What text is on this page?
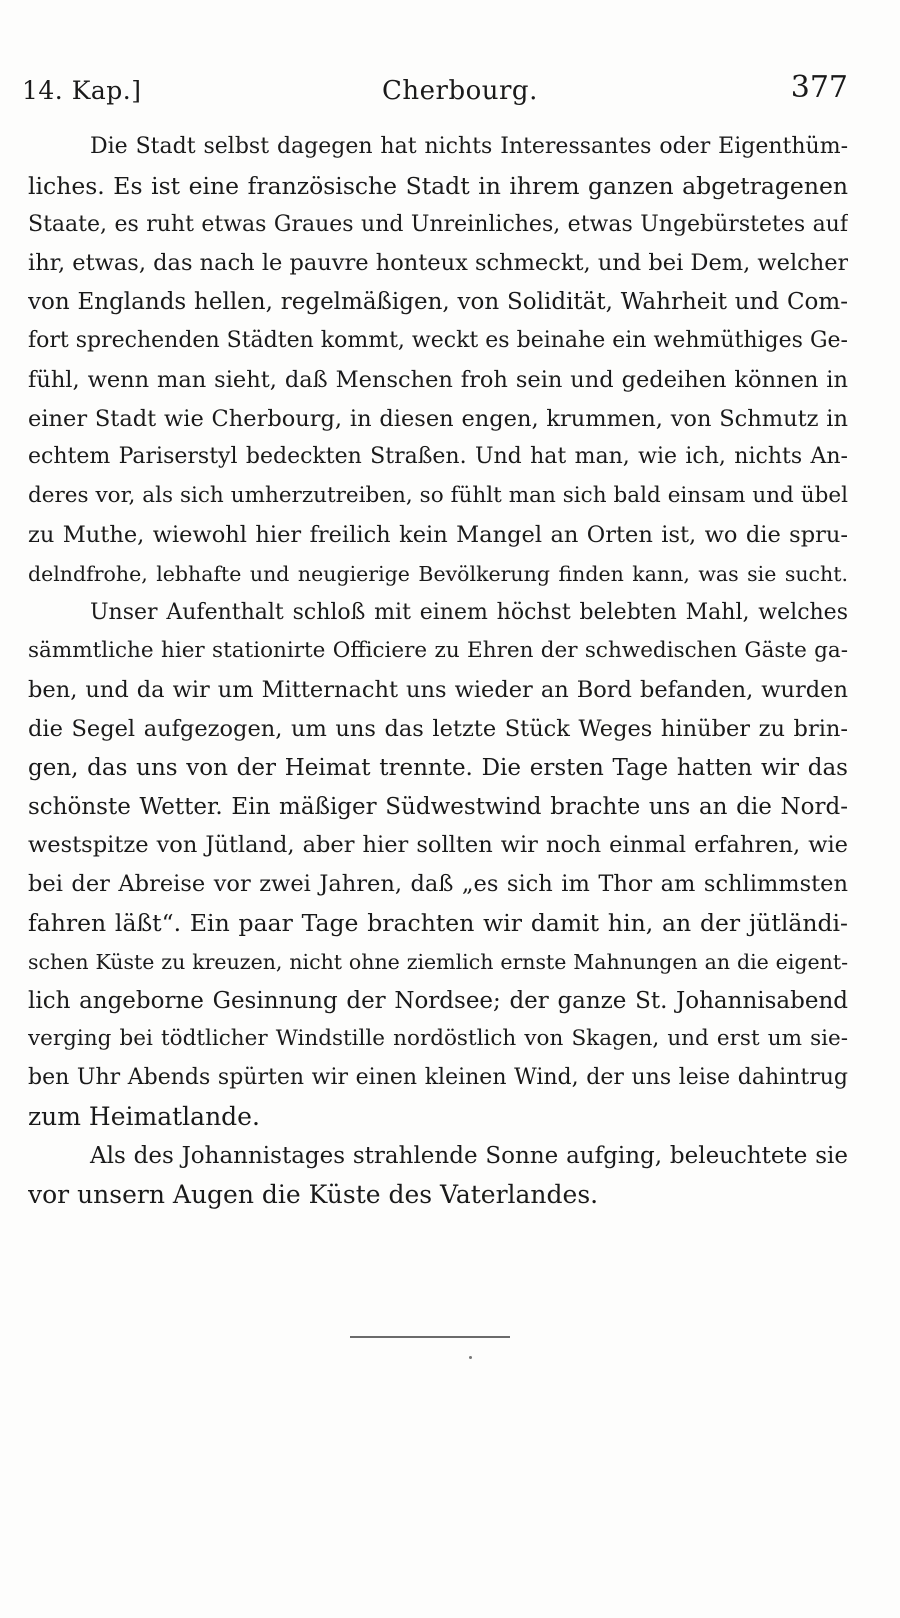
14. Kap.]	Cherbourg.	377
Die Stadt selbst dagegen hat nichts Interessantes oder Eigenthüm-
liches. Es ist eine französische Stadt in ihrem ganzen abgetragenen
Staate, es ruht etwas Graues und Unreinliches, etwas Ungebürstetes auf
ihr, etwas, das nach le pauvre honteux schmeckt, und bei Dem, welcher
von Englands hellen, regelmäßigen, von Solidität, Wahrheit und Com-
fort sprechenden Städten kommt, weckt es beinahe ein wehmüthiges Ge-
fühl, wenn man sieht, daß Menschen froh sein und gedeihen können in
einer Stadt wie Cherbourg, in diesen engen, krummen, von Schmutz in
echtem Pariserstyl bedeckten Straßen. Und hat man, wie ich, nichts An-
deres vor, als sich umherzutreiben, so fühlt man sich bald einsam und übel
zu Muthe, wiewohl hier freilich kein Mangel an Orten ist, wo die spru-
delndfrohe, lebhafte und neugierige Bevölkerung finden kann, was sie sucht.
Unser Aufenthalt schloß mit einem höchst belebten Mahl, welches
sämmtliche hier stationirte Officiere zu Ehren der schwedischen Gäste ga-
ben, und da wir um Mitternacht uns wieder an Bord befanden, wurden
die Segel aufgezogen, um uns das letzte Stück Weges hinüber zu brin-
gen, das uns von der Heimat trennte. Die ersten Tage hatten wir das
schönste Wetter. Ein mäßiger Südwestwind brachte uns an die Nord-
westspitze von Jütland, aber hier sollten wir noch einmal erfahren, wie
bei der Abreise vor zwei Jahren, daß „es sich im Thor am schlimmsten
fahren läßt“. Ein paar Tage brachten wir damit hin, an der jütländi-
schen Küste zu kreuzen, nicht ohne ziemlich ernste Mahnungen an die eigent-
lich angeborne Gesinnung der Nordsee; der ganze St. Johannisabend
verging bei tödtlicher Windstille nordöstlich von Skagen, und erst um sie-
ben Uhr Abends spürten wir einen kleinen Wind, der uns leise dahintrug
zum Heimatlande.
Als des Johannistages strahlende Sonne aufging, beleuchtete sie
vor unsern Augen die Küste des Vaterlandes.
